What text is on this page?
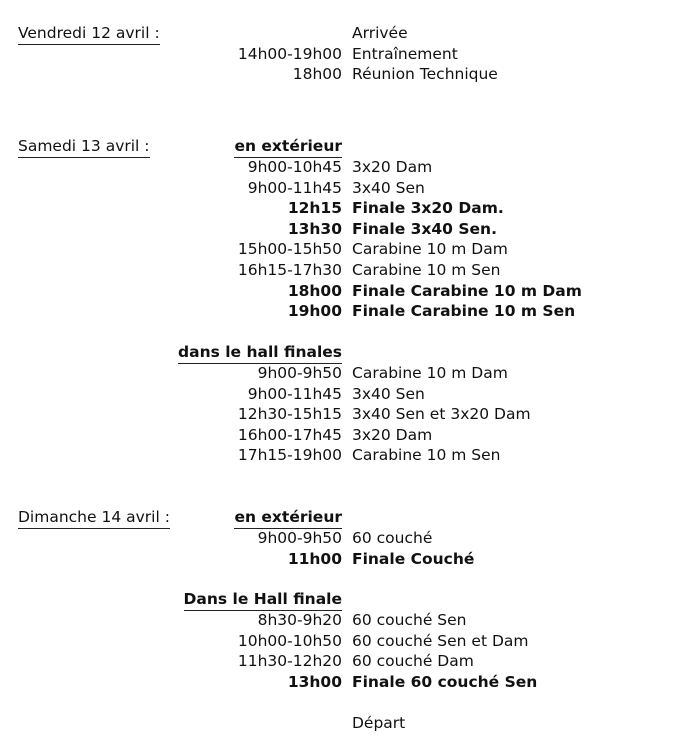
Vendredi 12 avril :	Arrivée
14h00-19h00 Entraînement
18h00 Réunion Technique
Samedi 13 avril :	en extérieur
9h00-10h45 3x20 Dam
9h00-11h45 3x40 Sen
12h15 Finale 3x20 Dam.
13h30 Finale 3x40 Sen.
15h00-15h50 Carabine 10 m Dam
16h15-17h30 Carabine 10 m Sen
18h00 Finale Carabine 10 m Dam
19h00 Finale Carabine 10 m Sen
dans le hall finales
9h00-9h50 Carabine 10 m Dam
9h00-11h45 3x40 Sen
12h30-15h15 3x40 Sen et 3x20 Dam
16h00-17h45 3x20 Dam
17h15-19h00 Carabine 10 m Sen
Dimanche 14 avril :	en extérieur
9h00-9h50 60 couché
11h00 Finale Couché
Dans le Hall finale
8h30-9h20 60 couché Sen
10h00-10h50 60 couché Sen et Dam
11h30-12h20 60 couché Dam
13h00 Finale 60 couché Sen
Départ
